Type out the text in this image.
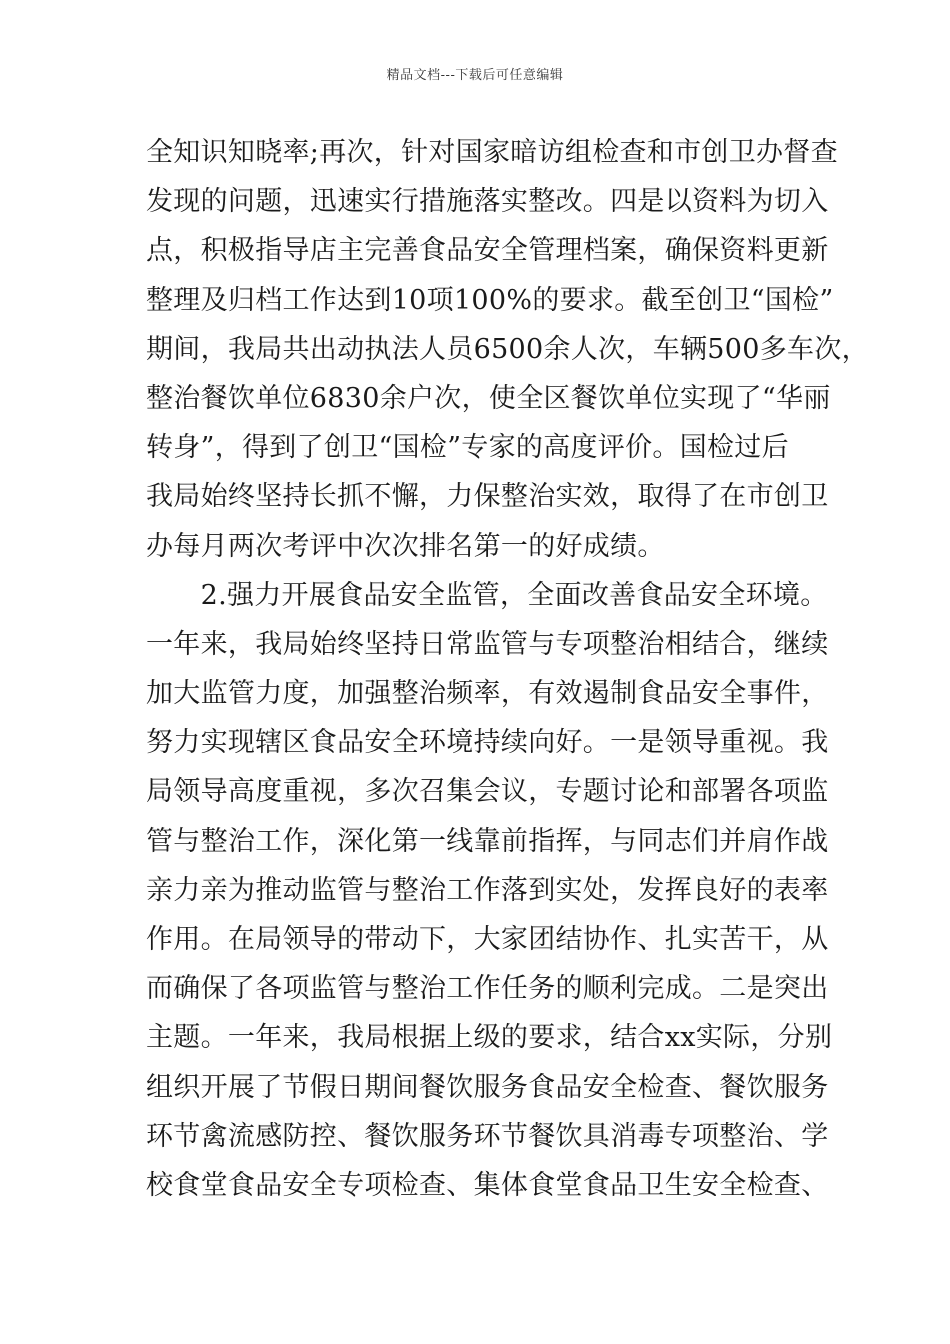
精品文档---下载后可任意编辑
全知识知晓率;再次，针对国家暗访组检查和市创卫办督查
发现的问题，迅速实行措施落实整改。四是以资料为切入
点，积极指导店主完善食品安全管理档案，确保资料更新
整理及归档工作达到10项100%的要求。截至创卫“国检”
期间，我局共出动执法人员6500余人次，车辆500多车次，
整治餐饮单位6830余户次，使全区餐饮单位实现了“华丽
转身”，得到了创卫“国检”专家的高度评价。国检过后
我局始终坚持长抓不懈，力保整治实效，取得了在市创卫
办每月两次考评中次次排名第一的好成绩。
　　2.强力开展食品安全监管，全面改善食品安全环境。
一年来，我局始终坚持日常监管与专项整治相结合，继续
加大监管力度，加强整治频率，有效遏制食品安全事件，
努力实现辖区食品安全环境持续向好。一是领导重视。我
局领导高度重视，多次召集会议，专题讨论和部署各项监
管与整治工作，深化第一线靠前指挥，与同志们并肩作战
亲力亲为推动监管与整治工作落到实处，发挥良好的表率
作用。在局领导的带动下，大家团结协作、扎实苦干，从
而确保了各项监管与整治工作任务的顺利完成。二是突出
主题。一年来，我局根据上级的要求，结合xx实际，分别
组织开展了节假日期间餐饮服务食品安全检查、餐饮服务
环节禽流感防控、餐饮服务环节餐饮具消毒专项整治、学
校食堂食品安全专项检查、集体食堂食品卫生安全检查、
